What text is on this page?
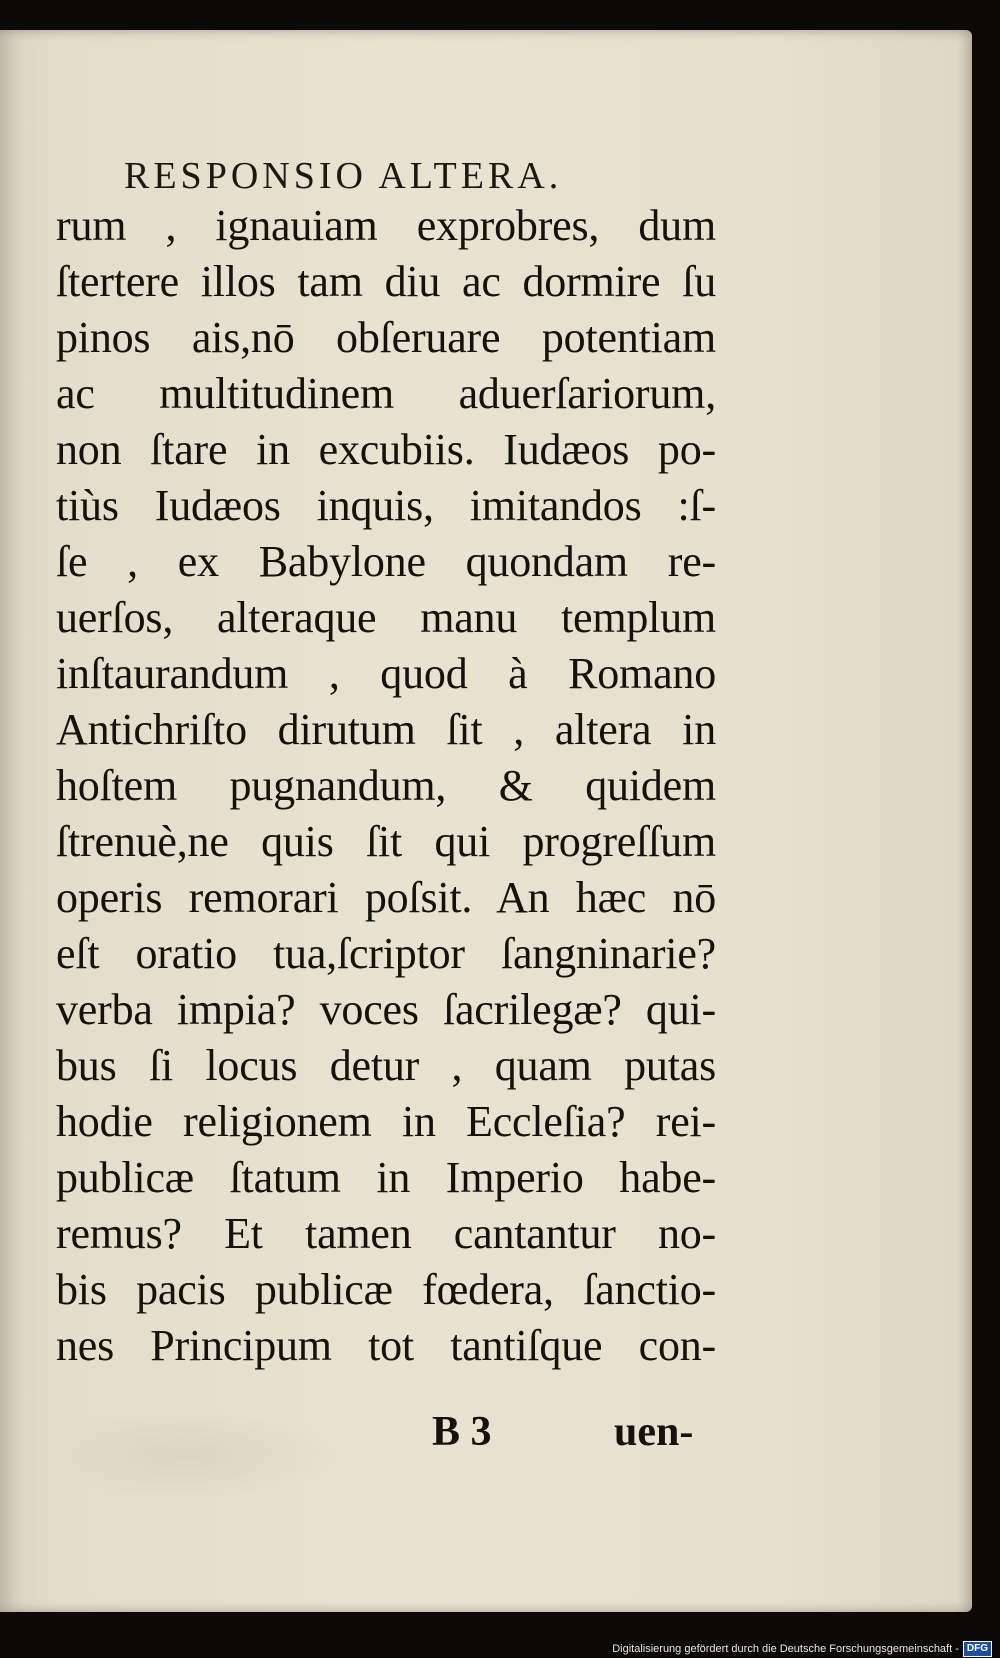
RESPONSIO ALTERA.
rum , ignauiam exprobres, dum
ſtertere illos tam diu ac dormire ſu
pinos ais,nō obſeruare potentiam
ac multitudinem aduerſariorum,
non ſtare in excubiis. Iudæos po-
tiùs Iudæos inquis, imitandos :ſ-
ſe , ex Babylone quondam re-
uerſos, alteraque manu templum
inſtaurandum , quod à Romano
Antichriſto dirutum ſit , altera in
hoſtem pugnandum, & quidem
ſtrenuè,ne quis ſit qui progreſſum
operis remorari poſsit. An hæc nō
eſt oratio tua,ſcriptor ſangninarie?
verba impia? voces ſacrilegæ? qui-
bus ſi locus detur , quam putas
hodie religionem in Eccleſia? rei-
publicæ ſtatum in Imperio habe-
remus? Et tamen cantantur no-
bis pacis publicæ fœdera, ſanctio-
nes Principum tot tantiſque con-
B 3	uen-
Digitalisierung gefördert durch die Deutsche Forschungsgemeinschaft - DFG
